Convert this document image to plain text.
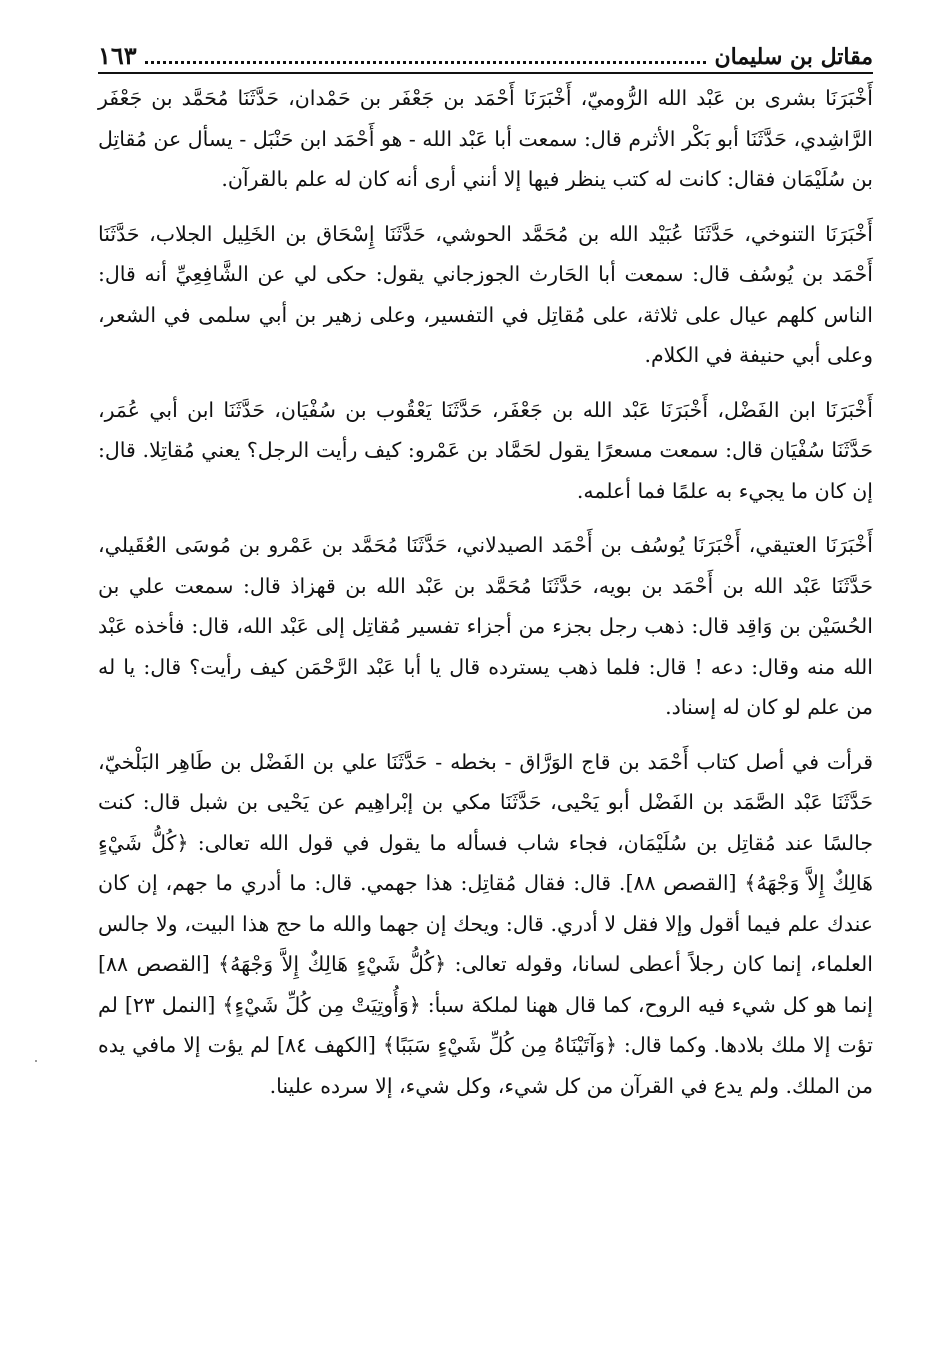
مقاتل بن سليمان
١٦٣

أَخْبَرَنَا بشرى بن عَبْد الله الرُّوميّ، أَخْبَرَنَا أَحْمَد بن جَعْفَر بن حَمْدان، حَدَّثَنَا مُحَمَّد بن جَعْفَر الرَّاشِدي، حَدَّثَنَا أبو بَكْر الأثرم قال: سمعت أبا عَبْد الله - هو أَحْمَد ابن حَنْبَل - يسأل عن مُقاتِل بن سُلَيْمَان فقال: كانت له كتب ينظر فيها إلا أنني أرى أنه كان له علم بالقرآن.

أَخْبَرَنَا التنوخي، حَدَّثَنَا عُبَيْد الله بن مُحَمَّد الحوشي، حَدَّثَنَا إِسْحَاق بن الخَلِيل الجلاب، حَدَّثَنَا أَحْمَد بن يُوسُف قال: سمعت أبا الحَارث الجوزجاني يقول: حكى لي عن الشَّافِعِيِّ أنه قال: الناس كلهم عيال على ثلاثة، على مُقاتِل في التفسير، وعلى زهير بن أبي سلمى في الشعر، وعلى أبي حنيفة في الكلام.

أَخْبَرَنَا ابن الفَضْل، أَخْبَرَنَا عَبْد الله بن جَعْفَر، حَدَّثَنَا يَعْقُوب بن سُفْيَان، حَدَّثَنَا ابن أبي عُمَر، حَدَّثَنَا سُفْيَان قال: سمعت مسعرًا يقول لحَمَّاد بن عَمْرو: كيف رأيت الرجل؟ يعني مُقاتِلا. قال: إن كان ما يجيء به علمًا فما أعلمه.

أَخْبَرَنَا العتيقي، أَخْبَرَنَا يُوسُف بن أَحْمَد الصيدلاني، حَدَّثَنَا مُحَمَّد بن عَمْرو بن مُوسَى العُقَيلي، حَدَّثَنَا عَبْد الله بن أَحْمَد بن بويه، حَدَّثَنَا مُحَمَّد بن عَبْد الله بن قهزاذ قال: سمعت علي بن الحُسَيْن بن وَاقِد قال: ذهب رجل بجزء من أجزاء تفسير مُقاتِل إلى عَبْد الله، قال: فأخذه عَبْد الله منه وقال: دعه ! قال: فلما ذهب يسترده قال يا أبا عَبْد الرَّحْمَن كيف رأيت؟ قال: يا له من علم لو كان له إسناد.

قرأت في أصل كتاب أَحْمَد بن قاج الوَرَّاق - بخطه - حَدَّثَنَا علي بن الفَضْل بن طَاهِر البَلْخيّ، حَدَّثَنَا عَبْد الصَّمَد بن الفَضْل أبو يَحْيى، حَدَّثَنَا مكي بن إبْراهِيم عن يَحْيى بن شبل قال: كنت جالسًا عند مُقاتِل بن سُلَيْمَان، فجاء شاب فسأله ما يقول في قول الله تعالى: ﴿كُلُّ شَيْءٍ هَالِكٌ إِلاَّ وَجْهَهُ﴾ [القصص ٨٨]. قال: فقال مُقاتِل: هذا جهمي. قال: ما أدري ما جهم، إن كان عندك علم فيما أقول وإلا فقل لا أدري. قال: ويحك إن جهما والله ما حج هذا البيت، ولا جالس العلماء، إنما كان رجلاً أعطى لسانا، وقوله تعالى: ﴿كُلُّ شَيْءٍ هَالِكٌ إِلاَّ وَجْهَهُ﴾ [القصص ٨٨] إنما هو كل شيء فيه الروح، كما قال ههنا لملكة سبأ: ﴿وَأُوتِيَتْ مِن كُلِّ شَيْءٍ﴾ [النمل ٢٣] لم تؤت إلا ملك بلادها. وكما قال: ﴿وَآتَيْنَاهُ مِن كُلِّ شَيْءٍ سَبَبًا﴾ [الكهف ٨٤] لم يؤت إلا مافي يده من الملك. ولم يدع في القرآن من كل شيء، وكل شيء، إلا سرده علينا.
